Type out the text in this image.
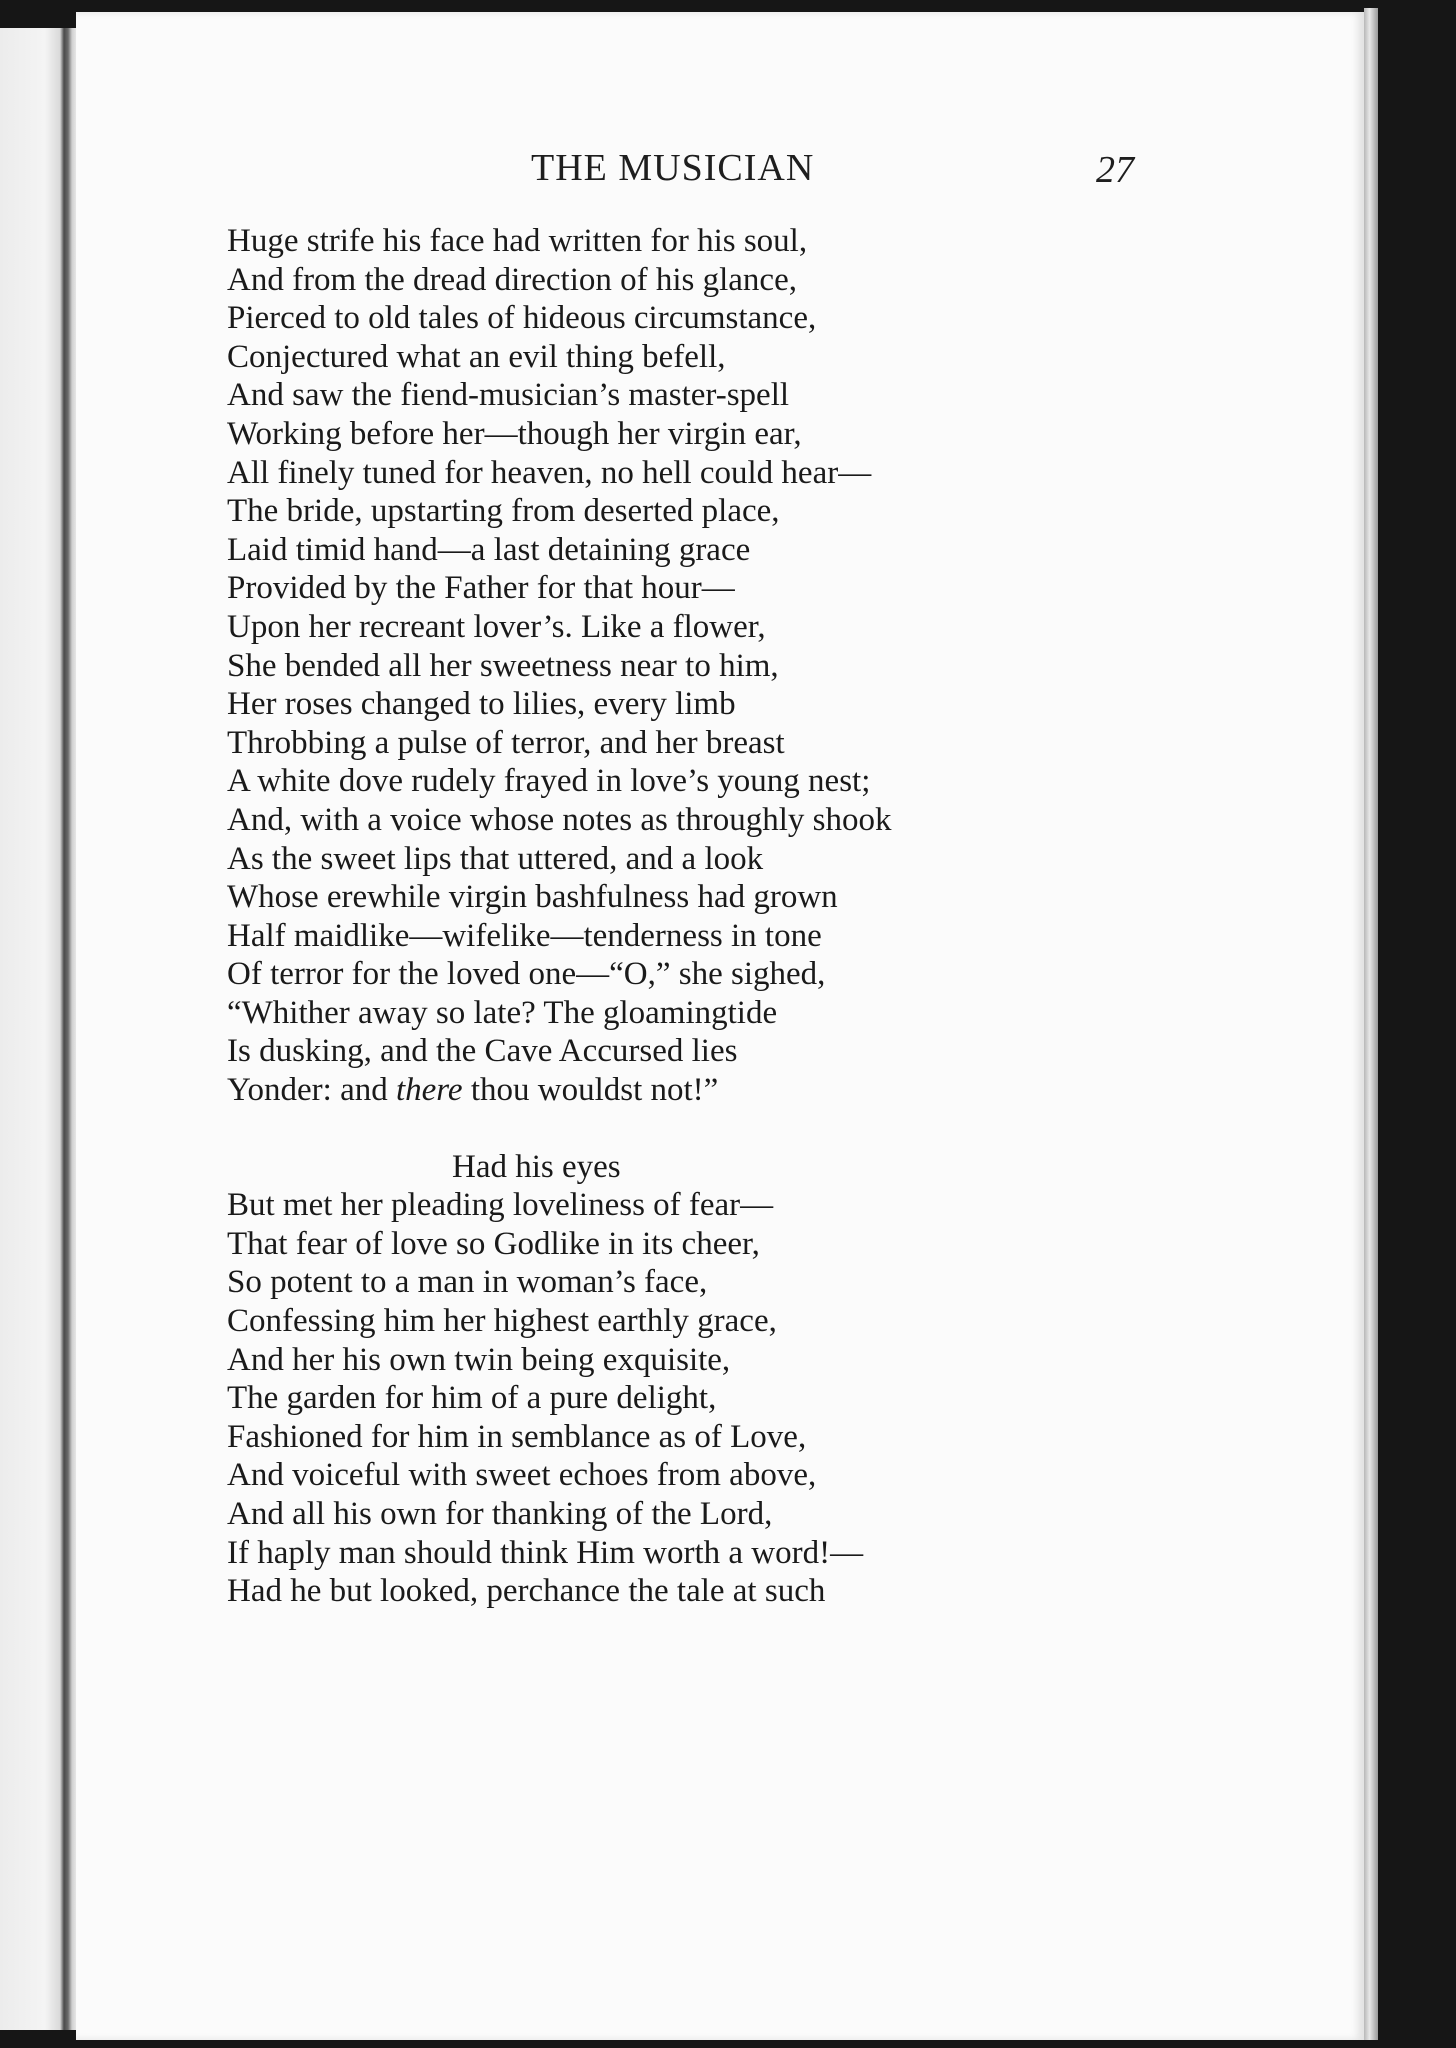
THE MUSICIAN	27
Huge strife his face had written for his soul,
And from the dread direction of his glance,
Pierced to old tales of hideous circumstance,
Conjectured what an evil thing befell,
And saw the fiend-musician’s master-spell
Working before her—though her virgin ear,
All finely tuned for heaven, no hell could hear—
The bride, upstarting from deserted place,
Laid timid hand—a last detaining grace
Provided by the Father for that hour—
Upon her recreant lover’s. Like a flower,
She bended all her sweetness near to him,
Her roses changed to lilies, every limb
Throbbing a pulse of terror, and her breast
A white dove rudely frayed in love’s young nest;
And, with a voice whose notes as throughly shook
As the sweet lips that uttered, and a look
Whose erewhile virgin bashfulness had grown
Half maidlike—wifelike—tenderness in tone
Of terror for the loved one—“O,” she sighed,
“Whither away so late? The gloamingtide
Is dusking, and the Cave Accursed lies
Yonder: and there thou wouldst not!”
Had his eyes
But met her pleading loveliness of fear—
That fear of love so Godlike in its cheer,
So potent to a man in woman’s face,
Confessing him her highest earthly grace,
And her his own twin being exquisite,
The garden for him of a pure delight,
Fashioned for him in semblance as of Love,
And voiceful with sweet echoes from above,
And all his own for thanking of the Lord,
If haply man should think Him worth a word!—
Had he but looked, perchance the tale at such
